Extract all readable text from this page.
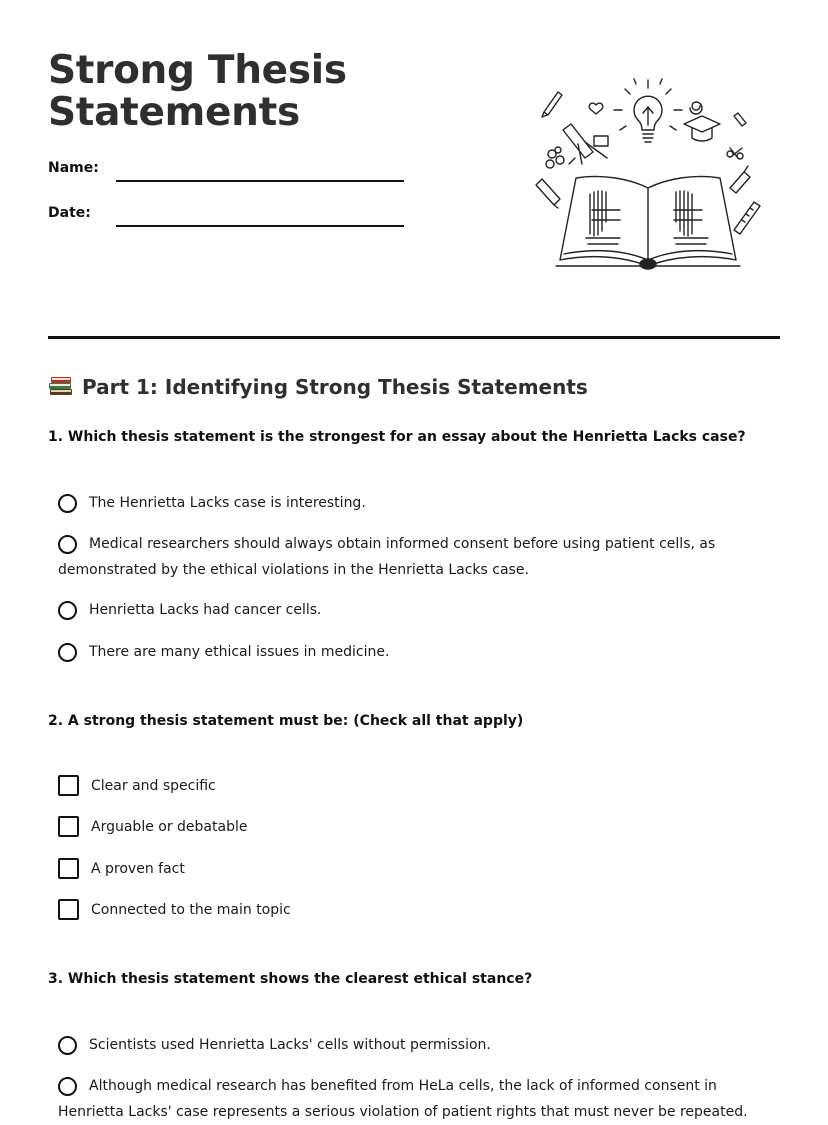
Strong Thesis
Statements
Name:
Date:
Part 1: Identifying Strong Thesis Statements
1. Which thesis statement is the strongest for an essay about the Henrietta Lacks case?
The Henrietta Lacks case is interesting.
Medical researchers should always obtain informed consent before using patient cells, as demonstrated by the ethical violations in the Henrietta Lacks case.
Henrietta Lacks had cancer cells.
There are many ethical issues in medicine.
2. A strong thesis statement must be: (Check all that apply)
Clear and specific
Arguable or debatable
A proven fact
Connected to the main topic
3. Which thesis statement shows the clearest ethical stance?
Scientists used Henrietta Lacks' cells without permission.
Although medical research has benefited from HeLa cells, the lack of informed consent in Henrietta Lacks' case represents a serious violation of patient rights that must never be repeated.
